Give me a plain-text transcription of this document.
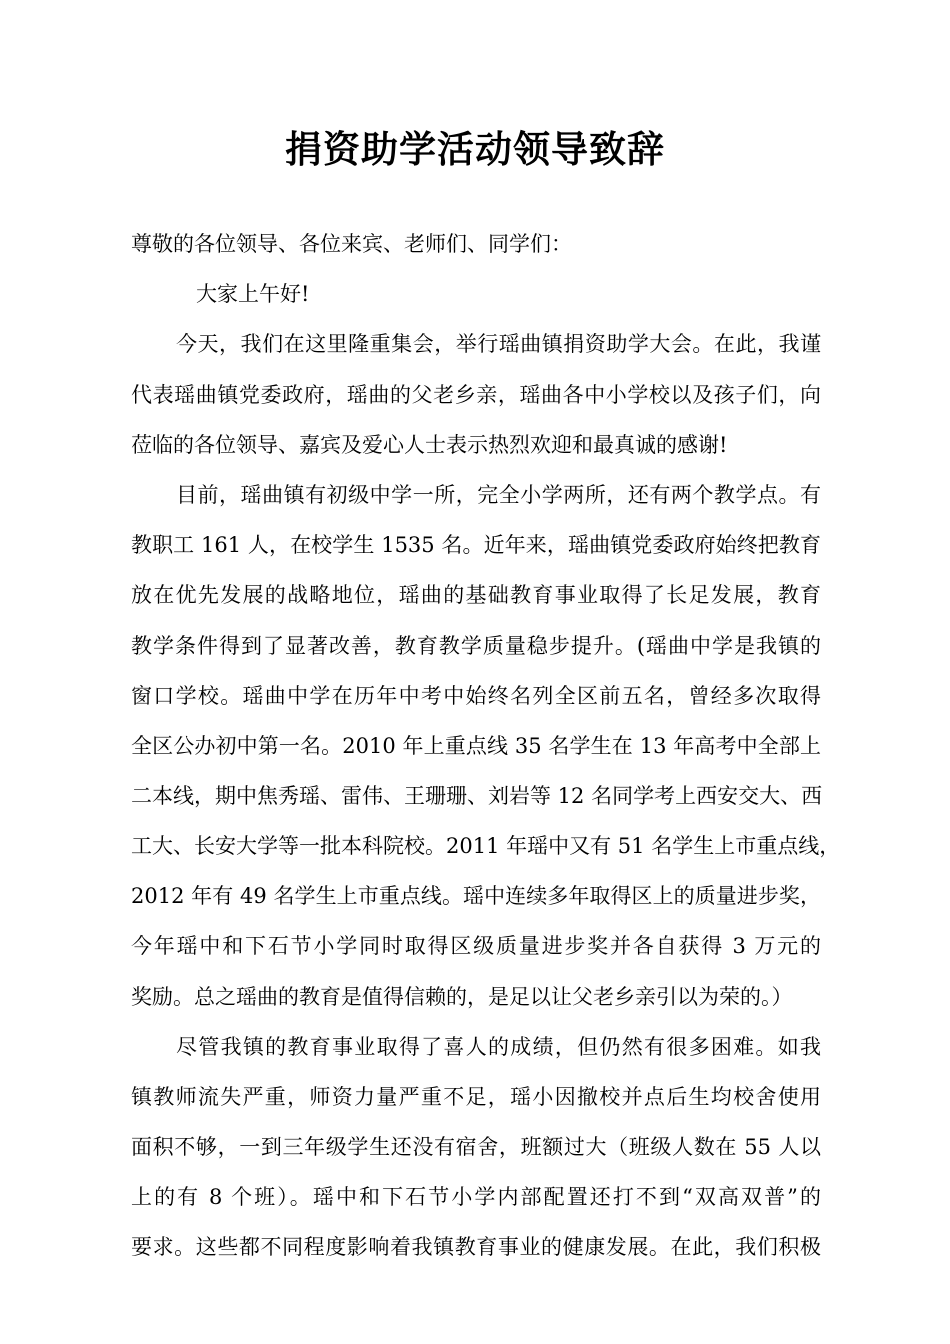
捐资助学活动领导致辞
尊敬的各位领导、各位来宾、老师们、同学们：
大家上午好!
今天，我们在这里隆重集会，举行瑶曲镇捐资助学大会。在此，我谨
代表瑶曲镇党委政府，瑶曲的父老乡亲，瑶曲各中小学校以及孩子们，向
莅临的各位领导、嘉宾及爱心人士表示热烈欢迎和最真诚的感谢!
目前，瑶曲镇有初级中学一所，完全小学两所，还有两个教学点。有
教职工 161 人，在校学生 1535 名。近年来，瑶曲镇党委政府始终把教育
放在优先发展的战略地位，瑶曲的基础教育事业取得了长足发展，教育
教学条件得到了显著改善，教育教学质量稳步提升。(瑶曲中学是我镇的
窗口学校。瑶曲中学在历年中考中始终名列全区前五名，曾经多次取得
全区公办初中第一名。2010 年上重点线 35 名学生在 13 年高考中全部上
二本线，期中焦秀瑶、雷伟、王珊珊、刘岩等 12 名同学考上西安交大、西
工大、长安大学等一批本科院校。2011 年瑶中又有 51 名学生上市重点线，
2012 年有 49 名学生上市重点线。瑶中连续多年取得区上的质量进步奖，
今年瑶中和下石节小学同时取得区级质量进步奖并各自获得 3 万元的
奖励。总之瑶曲的教育是值得信赖的，是足以让父老乡亲引以为荣的。）
尽管我镇的教育事业取得了喜人的成绩，但仍然有很多困难。如我
镇教师流失严重，师资力量严重不足，瑶小因撤校并点后生均校舍使用
面积不够，一到三年级学生还没有宿舍，班额过大（班级人数在 55 人以
上的有 8 个班）。瑶中和下石节小学内部配置还打不到“双高双普”的
要求。这些都不同程度影响着我镇教育事业的健康发展。在此，我们积极
